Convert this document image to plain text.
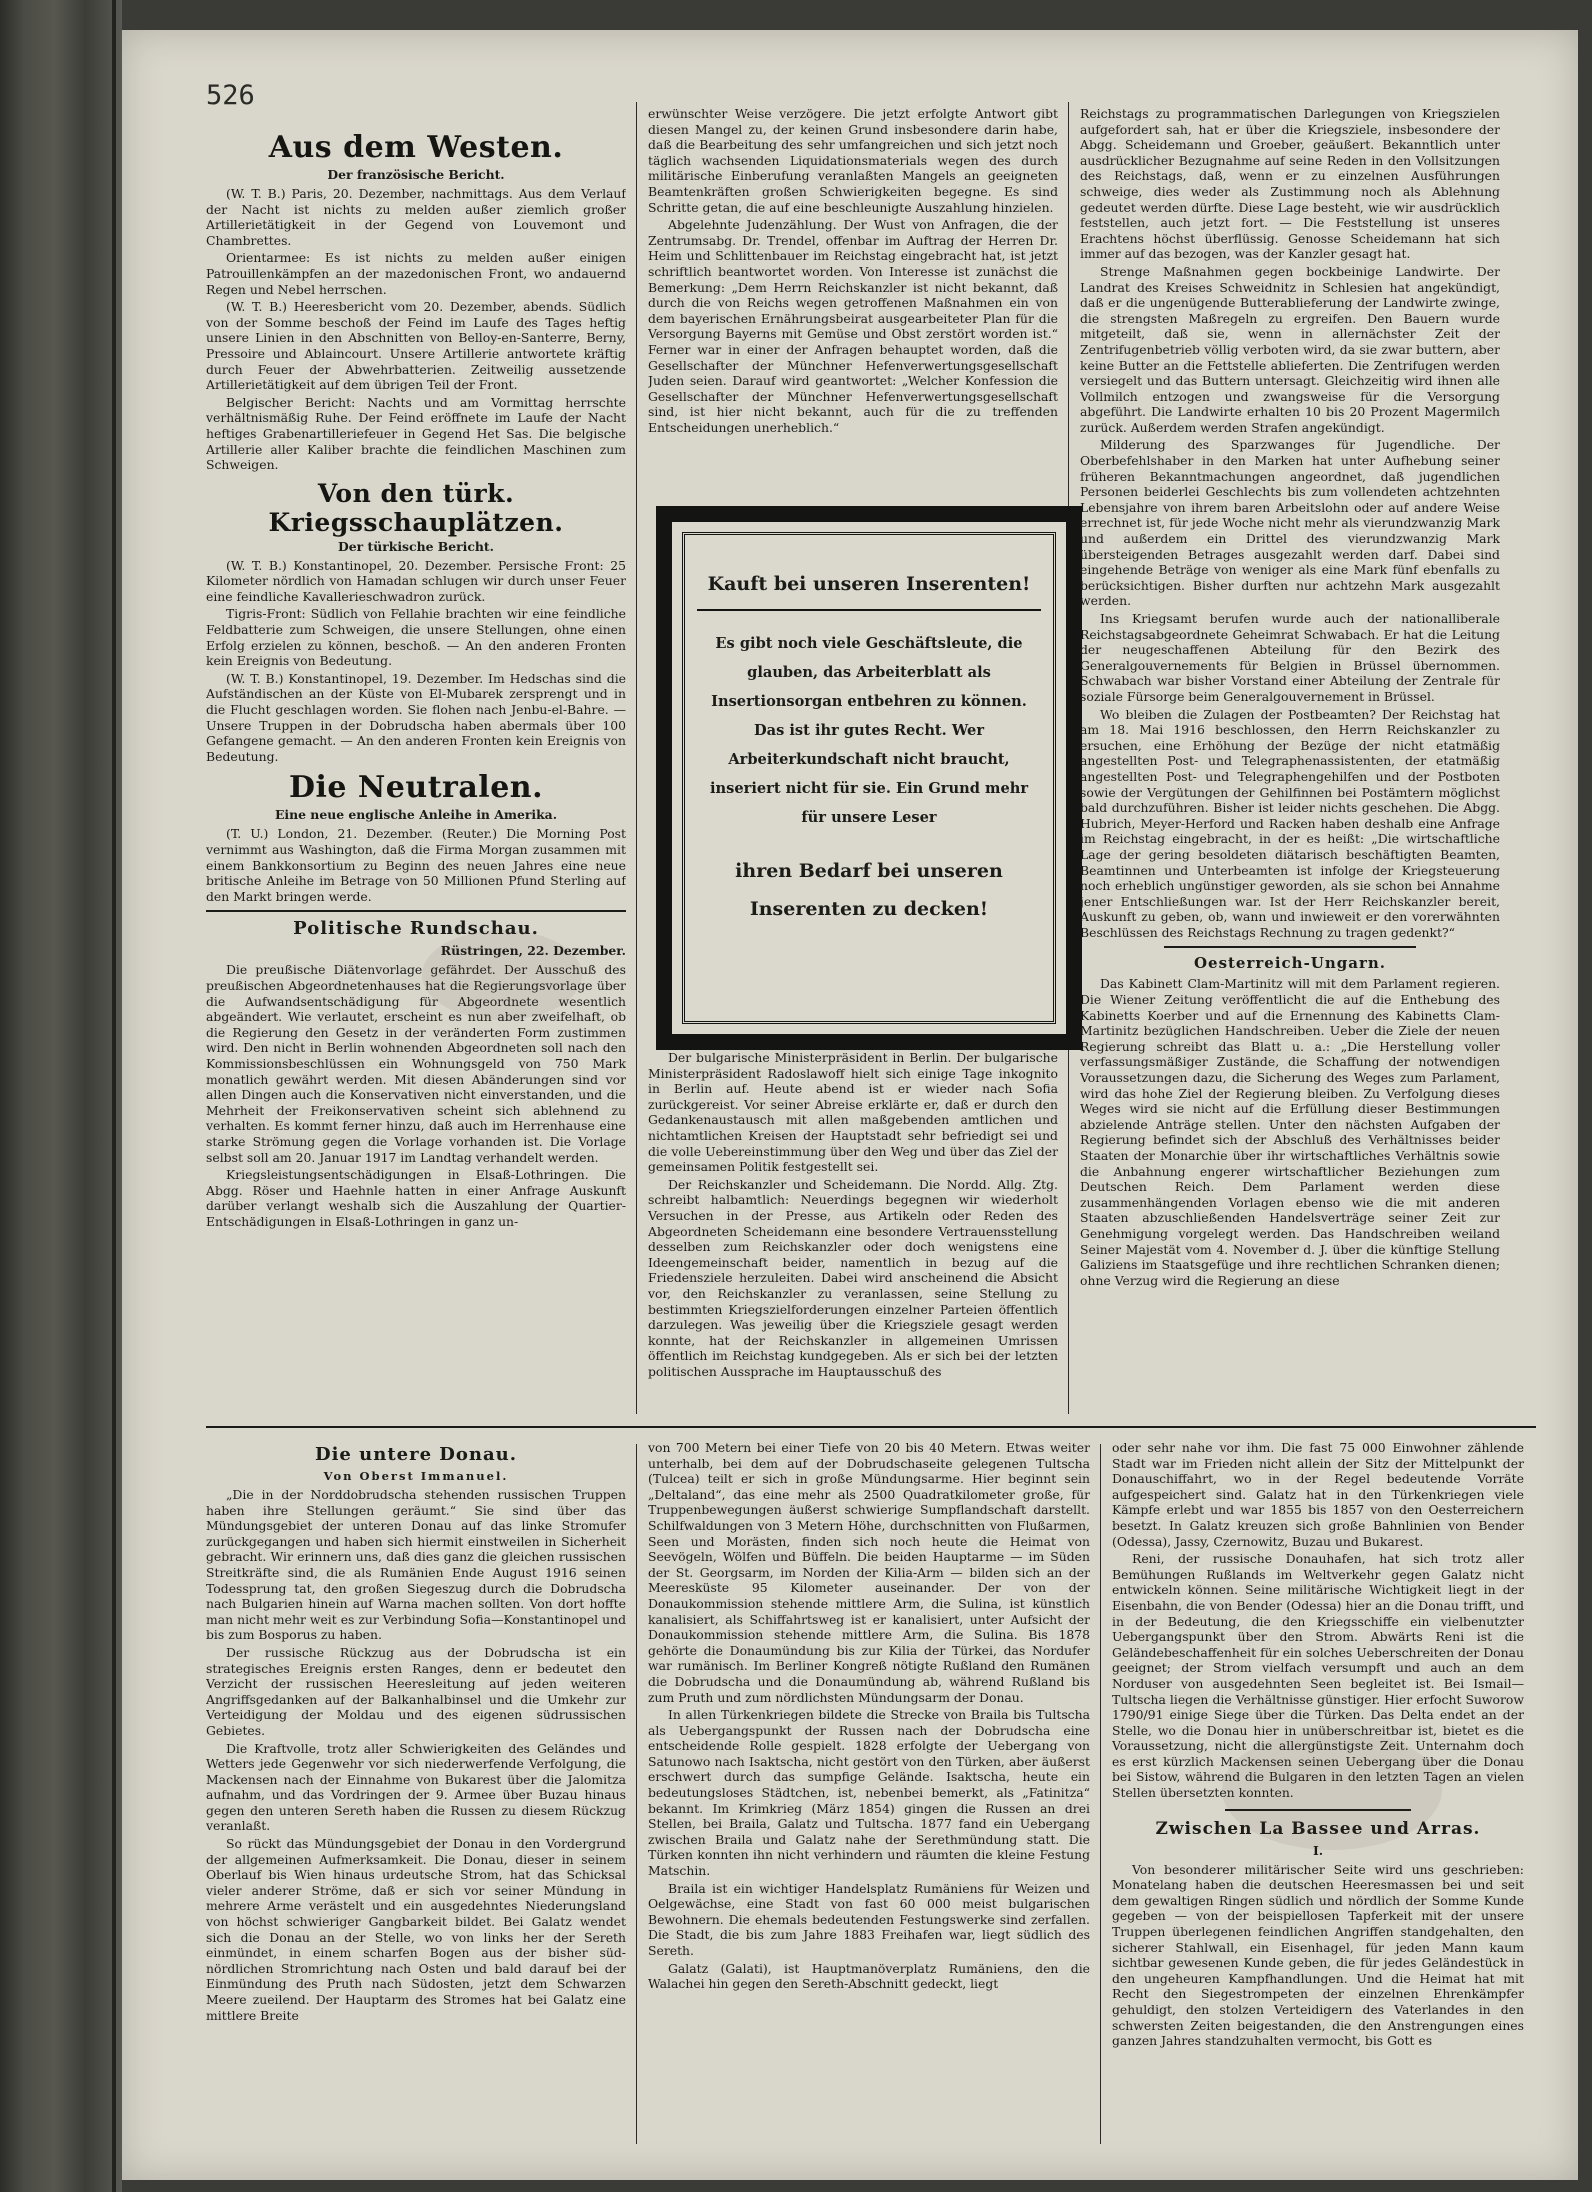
526
Aus dem Westen.
Der französische Bericht.

(W. T. B.) Paris, 20. Dezember, nachmittags. Aus dem Verlauf der Nacht ist nichts zu melden außer ziemlich großer Artillerietätigkeit in der Gegend von Louvemont und Chambrettes.

Orientarmee: Es ist nichts zu melden außer einigen Patrouillenkämpfen an der mazedonischen Front, wo andauernd Regen und Nebel herrschen.

(W. T. B.) Heeresbericht vom 20. Dezember, abends. Südlich von der Somme beschoß der Feind im Laufe des Tages heftig unsere Linien in den Abschnitten von Belloy-en-Santerre, Berny, Pressoire und Ablaincourt. Unsere Artillerie antwortete kräftig durch Feuer der Abwehrbatterien. Zeitweilig aussetzende Artillerietätigkeit auf dem übrigen Teil der Front.

Belgischer Bericht: Nachts und am Vormittag herrschte verhältnismäßig Ruhe. Der Feind eröffnete im Laufe der Nacht heftiges Grabenartilleriefeuer in Gegend Het Sas. Die belgische Artillerie aller Kaliber brachte die feindlichen Maschinen zum Schweigen.

Von den türk. Kriegsschauplätzen.
Der türkische Bericht.

(W. T. B.) Konstantinopel, 20. Dezember. Persische Front: 25 Kilometer nördlich von Hamadan schlugen wir durch unser Feuer eine feindliche Kavallerieschwadron zurück.

Tigris-Front: Südlich von Fellahie brachten wir eine feindliche Feldbatterie zum Schweigen, die unsere Stellungen, ohne einen Erfolg erzielen zu können, beschoß. — An den anderen Fronten kein Ereignis von Bedeutung.

(W. T. B.) Konstantinopel, 19. Dezember. Im Hedschas sind die Aufständischen an der Küste von El-Mubarek zersprengt und in die Flucht geschlagen worden. Sie flohen nach Jenbu-el-Bahre. — Unsere Truppen in der Dobrudscha haben abermals über 100 Gefangene gemacht. — An den anderen Fronten kein Ereignis von Bedeutung.

Die Neutralen.
Eine neue englische Anleihe in Amerika.

(T. U.) London, 21. Dezember. (Reuter.) Die Morning Post vernimmt aus Washington, daß die Firma Morgan zusammen mit einem Bankkonsortium zu Beginn des neuen Jahres eine neue britische Anleihe im Betrage von 50 Millionen Pfund Sterling auf den Markt bringen werde.

Politische Rundschau.
Rüstringen, 22. Dezember.

Die preußische Diätenvorlage gefährdet. Der Ausschuß des preußischen Abgeordnetenhauses hat die Regierungsvorlage über die Aufwandsentschädigung für Abgeordnete wesentlich abgeändert. Wie verlautet, erscheint es nun aber zweifelhaft, ob die Regierung den Gesetz in der veränderten Form zustimmen wird. Den nicht in Berlin wohnenden Abgeordneten soll nach den Kommissionsbeschlüssen ein Wohnungsgeld von 750 Mark monatlich gewährt werden. Mit diesen Abänderungen sind vor allen Dingen auch die Konservativen nicht einverstanden, und die Mehrheit der Freikonservativen scheint sich ablehnend zu verhalten. Es kommt ferner hinzu, daß auch im Herrenhause eine starke Strömung gegen die Vorlage vorhanden ist. Die Vorlage selbst soll am 20. Januar 1917 im Landtag verhandelt werden.

Kriegsleistungsentschädigungen in Elsaß-Lothringen. Die Abgg. Röser und Haehnle hatten in einer Anfrage Auskunft darüber verlangt weshalb sich die Auszahlung der Quartier-Entschädigungen in Elsaß-Lothringen in ganz un-

erwünschter Weise verzögere. Die jetzt erfolgte Antwort gibt diesen Mangel zu, der keinen Grund insbesondere darin habe, daß die Bearbeitung des sehr umfangreichen und sich jetzt noch täglich wachsenden Liquidationsmaterials wegen des durch militärische Einberufung veranlaßten Mangels an geeigneten Beamtenkräften großen Schwierigkeiten begegne. Es sind Schritte getan, die auf eine beschleunigte Auszahlung hinzielen.

Abgelehnte Judenzählung. Der Wust von Anfragen, die der Zentrumsabg. Dr. Trendel, offenbar im Auftrag der Herren Dr. Heim und Schlittenbauer im Reichstag eingebracht hat, ist jetzt schriftlich beantwortet worden. Von Interesse ist zunächst die Bemerkung: „Dem Herrn Reichskanzler ist nicht bekannt, daß durch die von Reichs wegen getroffenen Maßnahmen ein von dem bayerischen Ernährungsbeirat ausgearbeiteter Plan für die Versorgung Bayerns mit Gemüse und Obst zerstört worden ist.“ Ferner war in einer der Anfragen behauptet worden, daß die Gesellschafter der Münchner Hefenverwertungsgesellschaft Juden seien. Darauf wird geantwortet: „Welcher Konfession die Gesellschafter der Münchner Hefenverwertungsgesellschaft sind, ist hier nicht bekannt, auch für die zu treffenden Entscheidungen unerheblich.“

Kauft bei unseren Inserenten!
Es gibt noch viele Geschäftsleute, die glauben, das Arbeiterblatt als Insertionsorgan entbehren zu können. Das ist ihr gutes Recht. Wer Arbeiterkundschaft nicht braucht, inseriert nicht für sie. Ein Grund mehr für unsere Leser
ihren Bedarf bei unseren Inserenten zu decken!

Der bulgarische Ministerpräsident in Berlin. Der bulgarische Ministerpräsident Radoslawoff hielt sich einige Tage inkognito in Berlin auf. Heute abend ist er wieder nach Sofia zurückgereist. Vor seiner Abreise erklärte er, daß er durch den Gedankenaustausch mit allen maßgebenden amtlichen und nichtamtlichen Kreisen der Hauptstadt sehr befriedigt sei und die volle Uebereinstimmung über den Weg und über das Ziel der gemeinsamen Politik festgestellt sei.

Der Reichskanzler und Scheidemann. Die Nordd. Allg. Ztg. schreibt halbamtlich: Neuerdings begegnen wir wiederholt Versuchen in der Presse, aus Artikeln oder Reden des Abgeordneten Scheidemann eine besondere Vertrauensstellung desselben zum Reichskanzler oder doch wenigstens eine Ideengemeinschaft beider, namentlich in bezug auf die Friedensziele herzuleiten. Dabei wird anscheinend die Absicht vor, den Reichskanzler zu veranlassen, seine Stellung zu bestimmten Kriegszielforderungen einzelner Parteien öffentlich darzulegen. Was jeweilig über die Kriegsziele gesagt werden konnte, hat der Reichskanzler in allgemeinen Umrissen öffentlich im Reichstag kundgegeben. Als er sich bei der letzten politischen Aussprache im Hauptausschuß des

Reichstags zu programmatischen Darlegungen von Kriegszielen aufgefordert sah, hat er über die Kriegsziele, insbesondere der Abgg. Scheidemann und Groeber, geäußert. Bekanntlich unter ausdrücklicher Bezugnahme auf seine Reden in den Vollsitzungen des Reichstags, daß, wenn er zu einzelnen Ausführungen schweige, dies weder als Zustimmung noch als Ablehnung gedeutet werden dürfte. Diese Lage besteht, wie wir ausdrücklich feststellen, auch jetzt fort. — Die Feststellung ist unseres Erachtens höchst überflüssig. Genosse Scheidemann hat sich immer auf das bezogen, was der Kanzler gesagt hat.

Strenge Maßnahmen gegen bockbeinige Landwirte. Der Landrat des Kreises Schweidnitz in Schlesien hat angekündigt, daß er die ungenügende Butterablieferung der Landwirte zwinge, die strengsten Maßregeln zu ergreifen. Den Bauern wurde mitgeteilt, daß sie, wenn in allernächster Zeit der Zentrifugenbetrieb völlig verboten wird, da sie zwar buttern, aber keine Butter an die Fettstelle ablieferten. Die Zentrifugen werden versiegelt und das Buttern untersagt. Gleichzeitig wird ihnen alle Vollmilch entzogen und zwangsweise für die Versorgung abgeführt. Die Landwirte erhalten 10 bis 20 Prozent Magermilch zurück. Außerdem werden Strafen angekündigt.

Milderung des Sparzwanges für Jugendliche. Der Oberbefehlshaber in den Marken hat unter Aufhebung seiner früheren Bekanntmachungen angeordnet, daß jugendlichen Personen beiderlei Geschlechts bis zum vollendeten achtzehnten Lebensjahre von ihrem baren Arbeitslohn oder auf andere Weise errechnet ist, für jede Woche nicht mehr als vierundzwanzig Mark und außerdem ein Drittel des vierundzwanzig Mark übersteigenden Betrages ausgezahlt werden darf. Dabei sind eingehende Beträge von weniger als eine Mark fünf ebenfalls zu berücksichtigen. Bisher durften nur achtzehn Mark ausgezahlt werden.

Ins Kriegsamt berufen wurde auch der nationalliberale Reichstagsabgeordnete Geheimrat Schwabach. Er hat die Leitung der neugeschaffenen Abteilung für den Bezirk des Generalgouvernements für Belgien in Brüssel übernommen. Schwabach war bisher Vorstand einer Abteilung der Zentrale für soziale Fürsorge beim Generalgouvernement in Brüssel.

Wo bleiben die Zulagen der Postbeamten? Der Reichstag hat am 18. Mai 1916 beschlossen, den Herrn Reichskanzler zu ersuchen, eine Erhöhung der Bezüge der nicht etatmäßig angestellten Post- und Telegraphenassistenten, der etatmäßig angestellten Post- und Telegraphengehilfen und der Postboten sowie der Vergütungen der Gehilfinnen bei Postämtern möglichst bald durchzuführen. Bisher ist leider nichts geschehen. Die Abgg. Hubrich, Meyer-Herford und Racken haben deshalb eine Anfrage im Reichstag eingebracht, in der es heißt: „Die wirtschaftliche Lage der gering besoldeten diätarisch beschäftigten Beamten, Beamtinnen und Unterbeamten ist infolge der Kriegsteuerung noch erheblich ungünstiger geworden, als sie schon bei Annahme jener Entschließungen war. Ist der Herr Reichskanzler bereit, Auskunft zu geben, ob, wann und inwieweit er den vorerwähnten Beschlüssen des Reichstags Rechnung zu tragen gedenkt?“

Oesterreich-Ungarn.

Das Kabinett Clam-Martinitz will mit dem Parlament regieren. Die Wiener Zeitung veröffentlicht die auf die Enthebung des Kabinetts Koerber und auf die Ernennung des Kabinetts Clam-Martinitz bezüglichen Handschreiben. Ueber die Ziele der neuen Regierung schreibt das Blatt u. a.: „Die Herstellung voller verfassungsmäßiger Zustände, die Schaffung der notwendigen Voraussetzungen dazu, die Sicherung des Weges zum Parlament, wird das hohe Ziel der Regierung bleiben. Zu Verfolgung dieses Weges wird sie nicht auf die Erfüllung dieser Bestimmungen abzielende Anträge stellen. Unter den nächsten Aufgaben der Regierung befindet sich der Abschluß des Verhältnisses beider Staaten der Monarchie über ihr wirtschaftliches Verhältnis sowie die Anbahnung engerer wirtschaftlicher Beziehungen zum Deutschen Reich. Dem Parlament werden diese zusammenhängenden Vorlagen ebenso wie die mit anderen Staaten abzuschließenden Handelsverträge seiner Zeit zur Genehmigung vorgelegt werden. Das Handschreiben weiland Seiner Majestät vom 4. November d. J. über die künftige Stellung Galiziens im Staatsgefüge und ihre rechtlichen Schranken dienen; ohne Verzug wird die Regierung an diese

Die untere Donau.
Von Oberst Immanuel.

„Die in der Norddobrudscha stehenden russischen Truppen haben ihre Stellungen geräumt.“ Sie sind über das Mündungsgebiet der unteren Donau auf das linke Stromufer zurückgegangen und haben sich hiermit einstweilen in Sicherheit gebracht. Wir erinnern uns, daß dies ganz die gleichen russischen Streitkräfte sind, die als Rumänien Ende August 1916 seinen Todessprung tat, den großen Siegeszug durch die Dobrudscha nach Bulgarien hinein auf Warna machen sollten. Von dort hoffte man nicht mehr weit es zur Verbindung Sofia—Konstantinopel und bis zum Bosporus zu haben.

Der russische Rückzug aus der Dobrudscha ist ein strategisches Ereignis ersten Ranges, denn er bedeutet den Verzicht der russischen Heeresleitung auf jeden weiteren Angriffsgedanken auf der Balkanhalbinsel und die Umkehr zur Verteidigung der Moldau und des eigenen südrussischen Gebietes.

Die Kraftvolle, trotz aller Schwierigkeiten des Geländes und Wetters jede Gegenwehr vor sich niederwerfende Verfolgung, die Mackensen nach der Einnahme von Bukarest über die Jalomitza aufnahm, und das Vordringen der 9. Armee über Buzau hinaus gegen den unteren Sereth haben die Russen zu diesem Rückzug veranlaßt.

So rückt das Mündungsgebiet der Donau in den Vordergrund der allgemeinen Aufmerksamkeit. Die Donau, dieser in seinem Oberlauf bis Wien hinaus urdeutsche Strom, hat das Schicksal vieler anderer Ströme, daß er sich vor seiner Mündung in mehrere Arme verästelt und ein ausgedehntes Niederungsland von höchst schwieriger Gangbarkeit bildet. Bei Galatz wendet sich die Donau an der Stelle, wo von links her der Sereth einmündet, in einem scharfen Bogen aus der bisher süd-nördlichen Stromrichtung nach Osten und bald darauf bei der Einmündung des Pruth nach Südosten, jetzt dem Schwarzen Meere zueilend. Der Hauptarm des Stromes hat bei Galatz eine mittlere Breite

von 700 Metern bei einer Tiefe von 20 bis 40 Metern. Etwas weiter unterhalb, bei dem auf der Dobrudschaseite gelegenen Tultscha (Tulcea) teilt er sich in große Mündungsarme. Hier beginnt sein „Deltaland“, das eine mehr als 2500 Quadratkilometer große, für Truppenbewegungen äußerst schwierige Sumpflandschaft darstellt. Schilfwaldungen von 3 Metern Höhe, durchschnitten von Flußarmen, Seen und Morästen, finden sich noch heute die Heimat von Seevögeln, Wölfen und Büffeln. Die beiden Hauptarme — im Süden der St. Georgsarm, im Norden der Kilia-Arm — bilden sich an der Meeresküste 95 Kilometer auseinander. Der von der Donaukommission stehende mittlere Arm, die Sulina, ist künstlich kanalisiert, als Schiffahrtsweg ist er kanalisiert, unter Aufsicht der Donaukommission stehende mittlere Arm, die Sulina. Bis 1878 gehörte die Donaumündung bis zur Kilia der Türkei, das Nordufer war rumänisch. Im Berliner Kongreß nötigte Rußland den Rumänen die Dobrudscha und die Donaumündung ab, während Rußland bis zum Pruth und zum nördlichsten Mündungsarm der Donau.

In allen Türkenkriegen bildete die Strecke von Braila bis Tultscha als Uebergangspunkt der Russen nach der Dobrudscha eine entscheidende Rolle gespielt. 1828 erfolgte der Uebergang von Satunowo nach Isaktscha, nicht gestört von den Türken, aber äußerst erschwert durch das sumpfige Gelände. Isaktscha, heute ein bedeutungsloses Städtchen, ist, nebenbei bemerkt, als „Fatinitza“ bekannt. Im Krimkrieg (März 1854) gingen die Russen an drei Stellen, bei Braila, Galatz und Tultscha. 1877 fand ein Uebergang zwischen Braila und Galatz nahe der Serethmündung statt. Die Türken konnten ihn nicht verhindern und räumten die kleine Festung Matschin.

Braila ist ein wichtiger Handelsplatz Rumäniens für Weizen und Oelgewächse, eine Stadt von fast 60 000 meist bulgarischen Bewohnern. Die ehemals bedeutenden Festungswerke sind zerfallen. Die Stadt, die bis zum Jahre 1883 Freihafen war, liegt südlich des Sereth.

Galatz (Galati), ist Hauptmanöverplatz Rumäniens, den die Walachei hin gegen den Sereth-Abschnitt gedeckt, liegt

oder sehr nahe vor ihm. Die fast 75 000 Einwohner zählende Stadt war im Frieden nicht allein der Sitz der Mittelpunkt der Donauschiffahrt, wo in der Regel bedeutende Vorräte aufgespeichert sind. Galatz hat in den Türkenkriegen viele Kämpfe erlebt und war 1855 bis 1857 von den Oesterreichern besetzt. In Galatz kreuzen sich große Bahnlinien von Bender (Odessa), Jassy, Czernowitz, Buzau und Bukarest.

Reni, der russische Donauhafen, hat sich trotz aller Bemühungen Rußlands im Weltverkehr gegen Galatz nicht entwickeln können. Seine militärische Wichtigkeit liegt in der Eisenbahn, die von Bender (Odessa) hier an die Donau trifft, und in der Bedeutung, die den Kriegsschiffe ein vielbenutzter Uebergangspunkt über den Strom. Abwärts Reni ist die Geländebeschaffenheit für ein solches Ueberschreiten der Donau geeignet; der Strom vielfach versumpft und auch an dem Norduser von ausgedehnten Seen begleitet ist. Bei Ismail—Tultscha liegen die Verhältnisse günstiger. Hier erfocht Suworow 1790/91 einige Siege über die Türken. Das Delta endet an der Stelle, wo die Donau hier in unüberschreitbar ist, bietet es die Voraussetzung, nicht die allergünstigste Zeit. Unternahm doch es erst kürzlich Mackensen seinen Uebergang über die Donau bei Sistow, während die Bulgaren in den letzten Tagen an vielen Stellen übersetzten konnten.

Zwischen La Bassee und Arras.
I.

Von besonderer militärischer Seite wird uns geschrieben: Monatelang haben die deutschen Heeresmassen bei und seit dem gewaltigen Ringen südlich und nördlich der Somme Kunde gegeben — von der beispiellosen Tapferkeit mit der unsere Truppen überlegenen feindlichen Angriffen standgehalten, den sicherer Stahlwall, ein Eisenhagel, für jeden Mann kaum sichtbar gewesenen Kunde geben, die für jedes Geländestück in den ungeheuren Kampfhandlungen. Und die Heimat hat mit Recht den Siegestrompeten der einzelnen Ehrenkämpfer gehuldigt, den stolzen Verteidigern des Vaterlandes in den schwersten Zeiten beigestanden, die den Anstrengungen eines ganzen Jahres standzuhalten vermocht, bis Gott es
